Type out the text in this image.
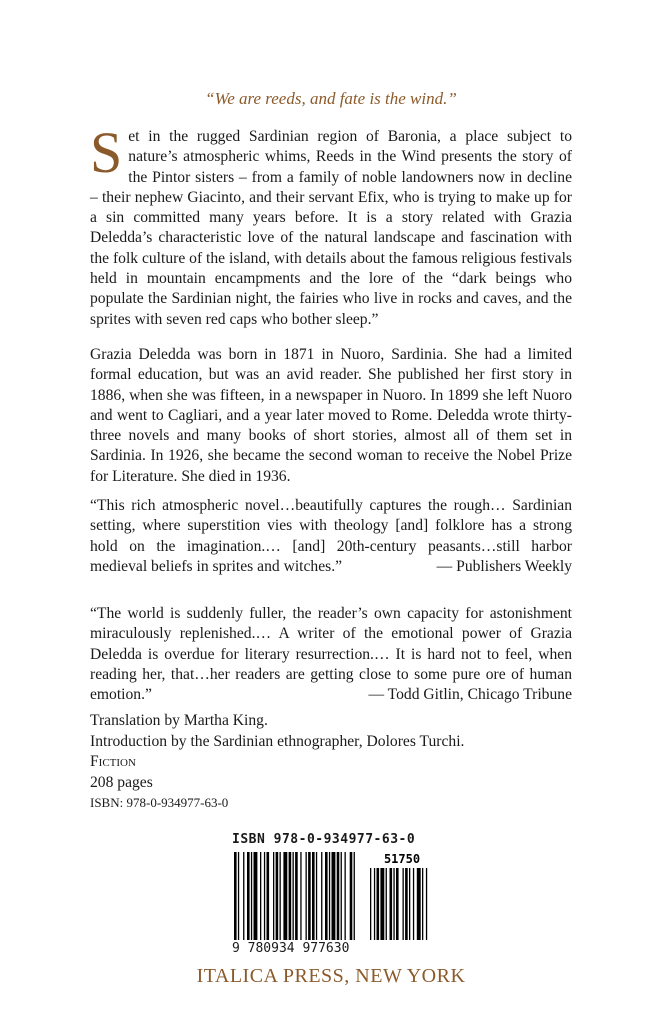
“We are reeds, and fate is the wind.”
Set in the rugged Sardinian region of Baronia, a place subject to nature’s atmospheric whims, Reeds in the Wind presents the story of the Pintor sisters – from a family of noble landowners now in decline – their nephew Giacinto, and their servant Efix, who is trying to make up for a sin committed many years before. It is a story related with Grazia Deledda’s characteristic love of the natural landscape and fascination with the folk culture of the island, with details about the famous religious festivals held in mountain encampments and the lore of the “dark beings who populate the Sardinian night, the fairies who live in rocks and caves, and the sprites with seven red caps who bother sleep.”
Grazia Deledda was born in 1871 in Nuoro, Sardinia. She had a limited formal education, but was an avid reader. She published her first story in 1886, when she was fifteen, in a newspaper in Nuoro. In 1899 she left Nuoro and went to Cagliari, and a year later moved to Rome. Deledda wrote thirty-three novels and many books of short stories, almost all of them set in Sardinia. In 1926, she became the second woman to receive the Nobel Prize for Literature. She died in 1936.
“This rich atmospheric novel…beautifully captures the rough… Sardinian setting, where superstition vies with theology [and] folklore has a strong hold on the imagination.… [and] 20th-century peasants…still harbor medieval beliefs in sprites and witches.”	— Publishers Weekly
“The world is suddenly fuller, the reader’s own capacity for astonishment miraculously replenished.… A writer of the emotional power of Grazia Deledda is overdue for literary resurrection.… It is hard not to feel, when reading her, that…her readers are getting close to some pure ore of human emotion.”	— Todd Gitlin, Chicago Tribune
Translation by Martha King.
Introduction by the Sardinian ethnographer, Dolores Turchi.
Fiction
208 pages
ISBN: 978-0-934977-63-0
ITALICA PRESS, NEW YORK
ISBN 978-0-934977-63-0
51750
9 780934 977630
